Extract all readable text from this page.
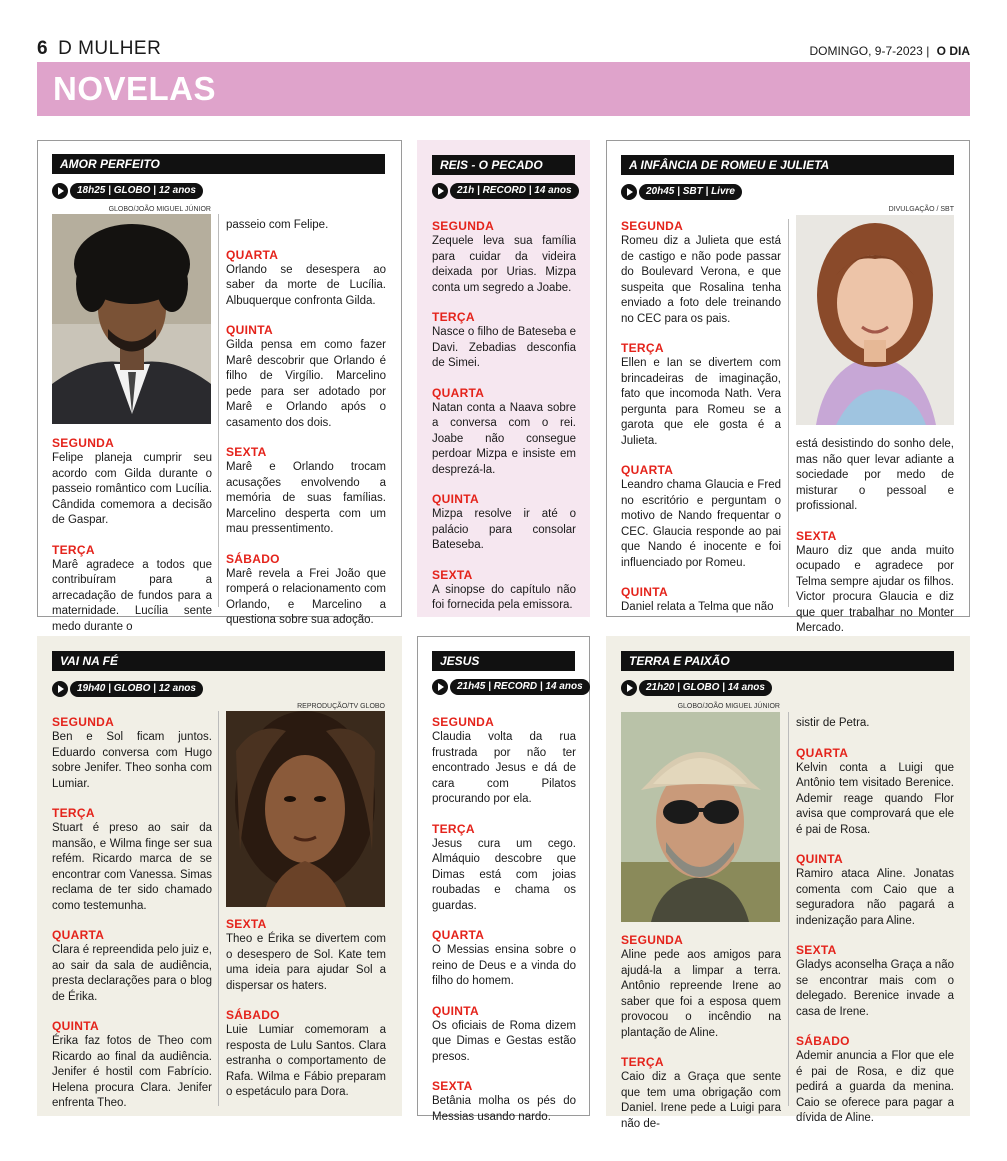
6 D MULHER	DOMINGO, 9-7-2023 | O DIA
NOVELAS
AMOR PERFEITO
18h25 | GLOBO | 12 anos
GLOBO/JOÃO MIGUEL JÚNIOR
SEGUNDA
Felipe planeja cumprir seu acordo com Gilda durante o passeio romântico com Lucília. Cândida comemora a decisão de Gaspar.
TERÇA
Marê agradece a todos que contribuíram para a arrecadação de fundos para a maternidade. Lucília sente medo durante o
passeio com Felipe.
QUARTA
Orlando se desespera ao saber da morte de Lucília. Albuquerque confronta Gilda.
QUINTA
Gilda pensa em como fazer Marê descobrir que Orlando é filho de Virgílio. Marcelino pede para ser adotado por Marê e Orlando após o casamento dos dois.
SEXTA
Marê e Orlando trocam acusações envolvendo a memória de suas famílias. Marcelino desperta com um mau pressentimento.
SÁBADO
Marê revela a Frei João que romperá o relacionamento com Orlando, e Marcelino a questiona sobre sua adoção.
REIS - O PECADO
21h | RECORD | 14 anos
SEGUNDA
Zequele leva sua família para cuidar da videira deixada por Urias. Mizpa conta um segredo a Joabe.
TERÇA
Nasce o filho de Bateseba e Davi. Zebadias desconfia de Simei.
QUARTA
Natan conta a Naava sobre a conversa com o rei. Joabe não consegue perdoar Mizpa e insiste em desprezá-la.
QUINTA
Mizpa resolve ir até o palácio para consolar Bateseba.
SEXTA
A sinopse do capítulo não foi fornecida pela emissora.
A INFÂNCIA DE ROMEU E JULIETA
20h45 | SBT | Livre
DIVULGAÇÃO / SBT
SEGUNDA
Romeu diz a Julieta que está de castigo e não pode passar do Boulevard Verona, e que suspeita que Rosalina tenha enviado a foto dele treinando no CEC para os pais.
TERÇA
Ellen e Ian se divertem com brincadeiras de imaginação, fato que incomoda Nath. Vera pergunta para Romeu se a garota que ele gosta é a Julieta.
QUARTA
Leandro chama Glaucia e Fred no escritório e perguntam o motivo de Nando frequentar o CEC. Glaucia responde ao pai que Nando é inocente e foi influenciado por Romeu.
QUINTA
Daniel relata a Telma que não
está desistindo do sonho dele, mas não quer levar adiante a sociedade por medo de misturar o pessoal e profissional.
SEXTA
Mauro diz que anda muito ocupado e agradece por Telma sempre ajudar os filhos. Victor procura Glaucia e diz que quer trabalhar no Monter Mercado.
VAI NA FÉ
19h40 | GLOBO | 12 anos
REPRODUÇÃO/TV GLOBO
SEGUNDA
Ben e Sol ficam juntos. Eduardo conversa com Hugo sobre Jenifer. Theo sonha com Lumiar.
TERÇA
Stuart é preso ao sair da mansão, e Wilma finge ser sua refém. Ricardo marca de se encontrar com Vanessa. Simas reclama de ter sido chamado como testemunha.
QUARTA
Clara é repreendida pelo juiz e, ao sair da sala de audiência, presta declarações para o blog de Érika.
QUINTA
Érika faz fotos de Theo com Ricardo ao final da audiência. Jenifer é hostil com Fabrício. Helena procura Clara. Jenifer enfrenta Theo.
SEXTA
Theo e Érika se divertem com o desespero de Sol. Kate tem uma ideia para ajudar Sol a dispersar os haters.
SÁBADO
Luie Lumiar comemoram a resposta de Lulu Santos. Clara estranha o comportamento de Rafa. Wilma e Fábio preparam o espetáculo para Dora.
JESUS
21h45 | RECORD | 14 anos
SEGUNDA
Claudia volta da rua frustrada por não ter encontrado Jesus e dá de cara com Pilatos procurando por ela.
TERÇA
Jesus cura um cego. Almáquio descobre que Dimas está com joias roubadas e chama os guardas.
QUARTA
O Messias ensina sobre o reino de Deus e a vinda do filho do homem.
QUINTA
Os oficiais de Roma dizem que Dimas e Gestas estão presos.
SEXTA
Betânia molha os pés do Messias usando nardo.
TERRA E PAIXÃO
21h20 | GLOBO | 14 anos
GLOBO/JOÃO MIGUEL JÚNIOR
SEGUNDA
Aline pede aos amigos para ajudá-la a limpar a terra. Antônio repreende Irene ao saber que foi a esposa quem provocou o incêndio na plantação de Aline.
TERÇA
Caio diz a Graça que sente que tem uma obrigação com Daniel. Irene pede a Luigi para não de-
sistir de Petra.
QUARTA
Kelvin conta a Luigi que Antônio tem visitado Berenice. Ademir reage quando Flor avisa que comprovará que ele é pai de Rosa.
QUINTA
Ramiro ataca Aline. Jonatas comenta com Caio que a seguradora não pagará a indenização para Aline.
SEXTA
Gladys aconselha Graça a não se encontrar mais com o delegado. Berenice invade a casa de Irene.
SÁBADO
Ademir anuncia a Flor que ele é pai de Rosa, e diz que pedirá a guarda da menina. Caio se oferece para pagar a dívida de Aline.
